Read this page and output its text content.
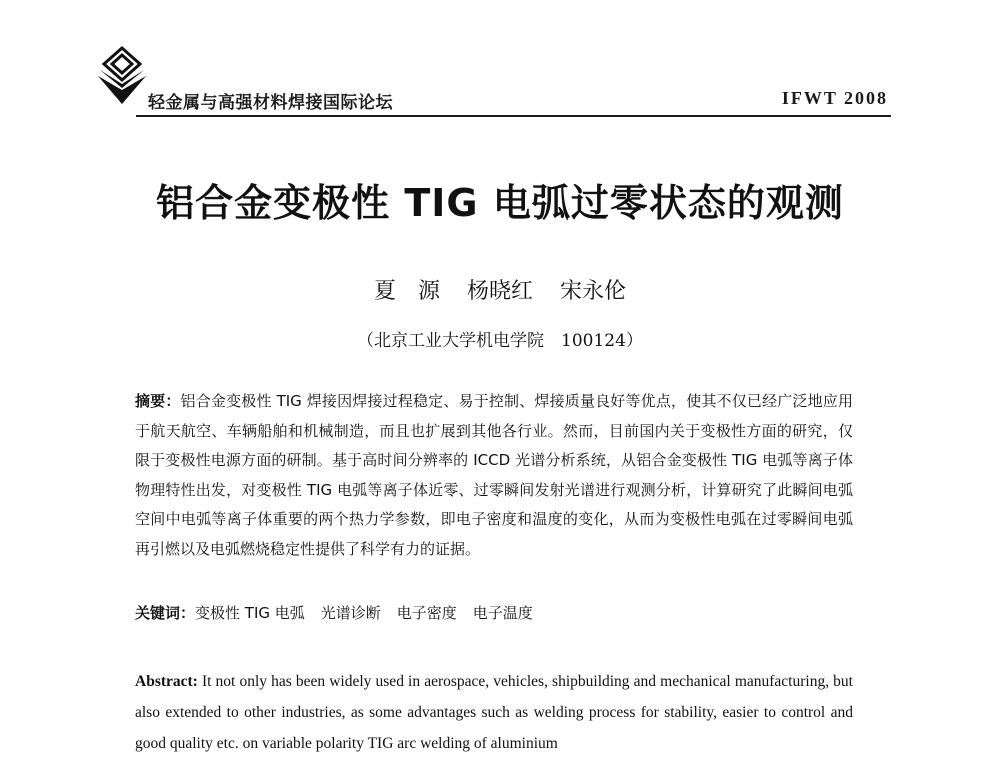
轻金属与高强材料焊接国际论坛	IFWT 2008
铝合金变极性 TIG 电弧过零状态的观测
夏　源 杨晓红 宋永伦
（北京工业大学机电学院　100124）
摘要：铝合金变极性 TIG 焊接因焊接过程稳定、易于控制、焊接质量良好等优点，使其不仅已经广泛地应用于航天航空、车辆船舶和机械制造，而且也扩展到其他各行业。然而，目前国内关于变极性方面的研究，仅限于变极性电源方面的研制。基于高时间分辨率的 ICCD 光谱分析系统，从铝合金变极性 TIG 电弧等离子体物理特性出发，对变极性 TIG 电弧等离子体近零、过零瞬间发射光谱进行观测分析，计算研究了此瞬间电弧空间中电弧等离子体重要的两个热力学参数，即电子密度和温度的变化，从而为变极性电弧在过零瞬间电弧再引燃以及电弧燃烧稳定性提供了科学有力的证据。
关键词：变极性 TIG 电弧 光谱诊断 电子密度 电子温度
Abstract: It not only has been widely used in aerospace, vehicles, shipbuilding and mechanical manufacturing, but also extended to other industries, as some advantages such as welding process for stability, easier to control and good quality etc. on variable polarity TIG arc welding of aluminium
